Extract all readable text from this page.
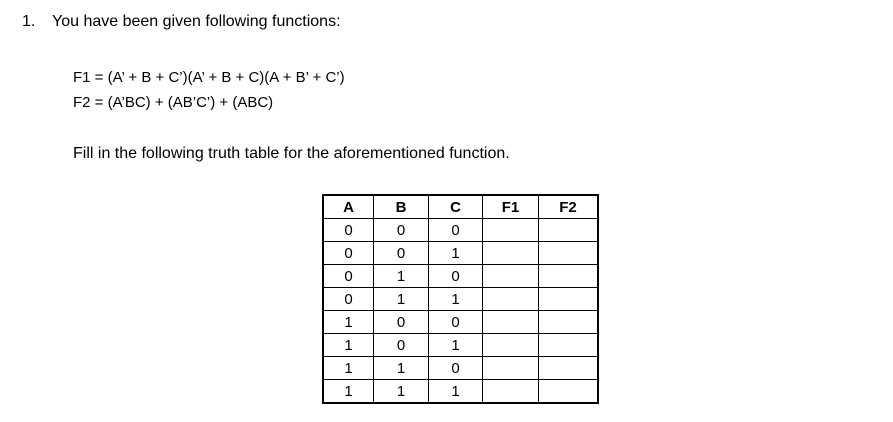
1. You have been given following functions:
F1 = (A’ + B + C’)(A’ + B + C)(A + B’ + C’)
F2 = (A’BC) + (AB’C’) + (ABC)
Fill in the following truth table for the aforementioned function.
A	B	C	F1	F2
0	0	0		
0	0	1		
0	1	0		
0	1	1		
1	0	0		
1	0	1		
1	1	0		
1	1	1		
